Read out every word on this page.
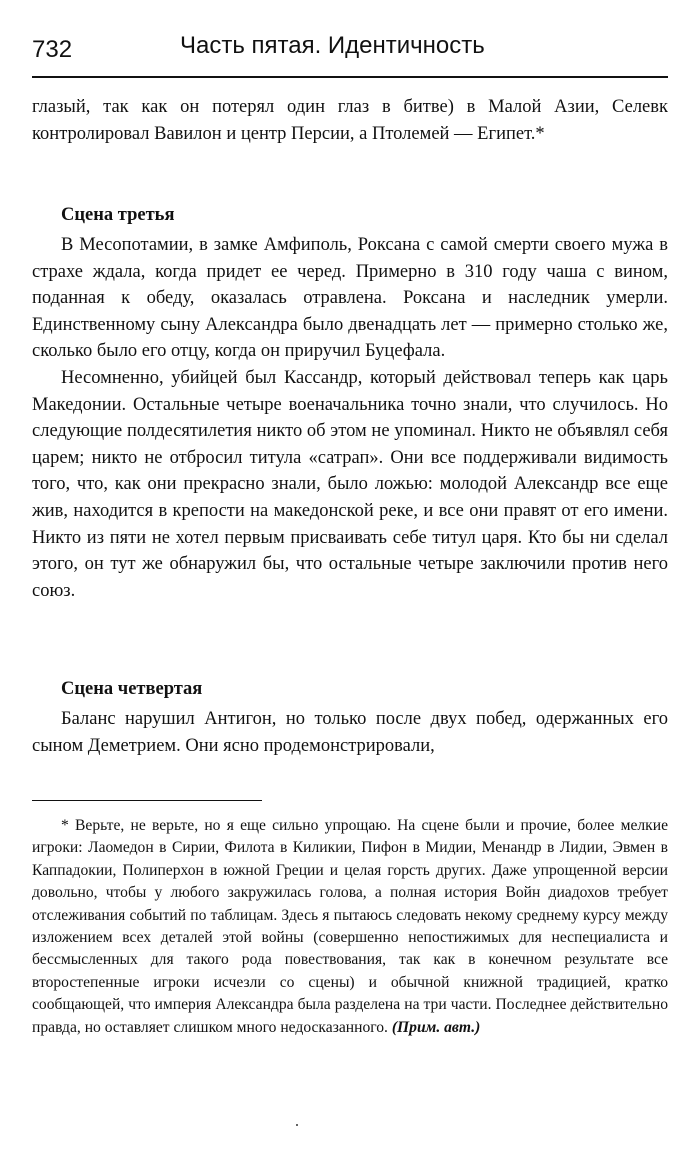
732	Часть пятая. Идентичность

глазый, так как он потерял один глаз в битве) в Малой Азии, Селевк контролировал Вавилон и центр Персии, а Птолемей — Египет.*

Сцена третья

В Месопотамии, в замке Амфиполь, Роксана с самой смерти своего мужа в страхе ждала, когда придет ее черед. Примерно в 310 году чаша с вином, поданная к обеду, оказалась отравлена. Роксана и наследник умерли. Единственному сыну Александра было двенадцать лет — примерно столько же, сколько было его отцу, когда он приручил Буцефала.

Несомненно, убийцей был Кассандр, который действовал теперь как царь Македонии. Остальные четыре военачальника точно знали, что случилось. Но следующие полдесятилетия никто об этом не упоминал. Никто не объявлял себя царем; никто не отбросил титула «сатрап». Они все поддерживали видимость того, что, как они прекрасно знали, было ложью: молодой Александр все еще жив, находится в крепости на македонской реке, и все они правят от его имени. Никто из пяти не хотел первым присваивать себе титул царя. Кто бы ни сделал этого, он тут же обнаружил бы, что остальные четыре заключили против него союз.

Сцена четвертая

Баланс нарушил Антигон, но только после двух побед, одержанных его сыном Деметрием. Они ясно продемонстрировали,

* Верьте, не верьте, но я еще сильно упрощаю. На сцене были и прочие, более мелкие игроки: Лаомедон в Сирии, Филота в Киликии, Пифон в Мидии, Менандр в Лидии, Эвмен в Каппадокии, Полиперхон в южной Греции и целая горсть других. Даже упрощенной версии довольно, чтобы у любого закружилась голова, а полная история Войн диадохов требует отслеживания событий по таблицам. Здесь я пытаюсь следовать некому среднему курсу между изложением всех деталей этой войны (совершенно непостижимых для неспециалиста и бессмысленных для такого рода повествования, так как в конечном результате все второстепенные игроки исчезли со сцены) и обычной книжной традицией, кратко сообщающей, что империя Александра была разделена на три части. Последнее действительно правда, но оставляет слишком много недосказанного. (Прим. авт.)
